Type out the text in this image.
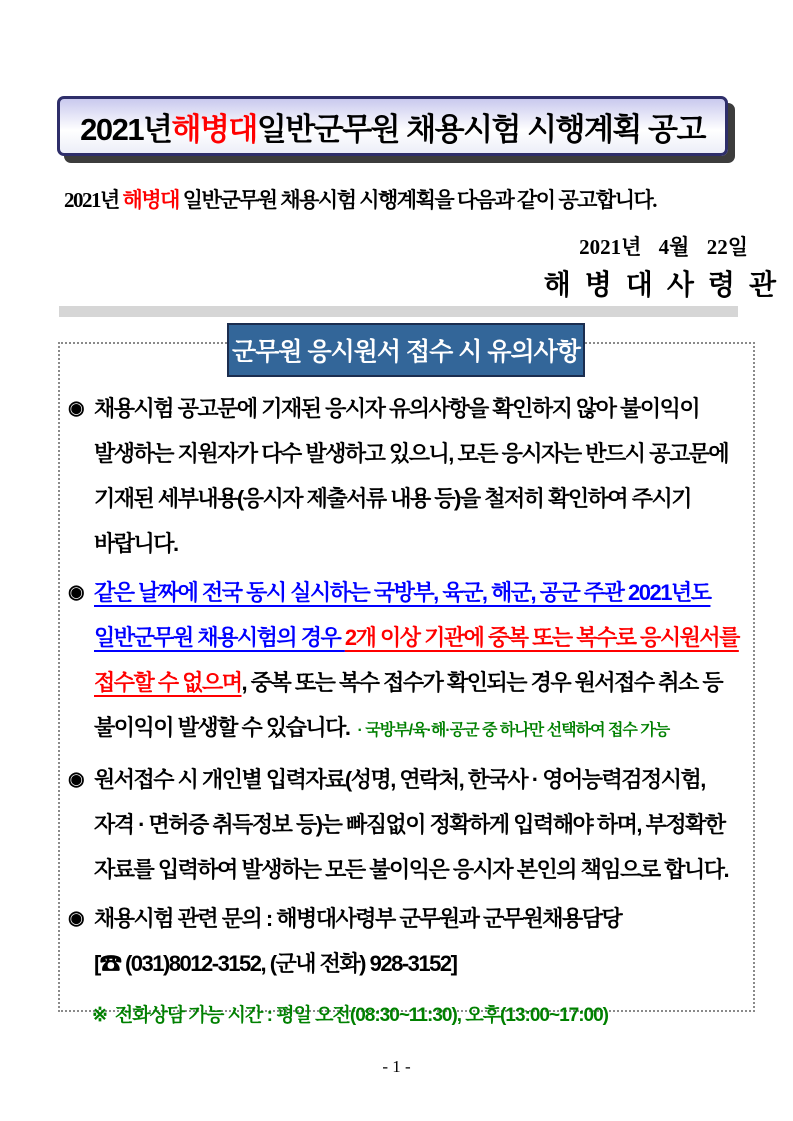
2021년 해병대 일반군무원 채용시험 시행계획 공고

2021년 해병대 일반군무원 채용시험 시행계획을 다음과 같이 공고합니다.

2021년 4월 22일

해병대사령관

군무원 응시원서 접수 시 유의사항
◉ 채용시험 공고문에 기재된 응시자 유의사항을 확인하지 않아 불이익이
발생하는 지원자가 다수 발생하고 있으니, 모든 응시자는 반드시 공고문에
기재된 세부내용(응시자 제출서류 내용 등)을 철저히 확인하여 주시기
바랍니다.
◉ 같은 날짜에 전국 동시 실시하는 국방부, 육군, 해군, 공군 주관 2021년도
일반군무원 채용시험의 경우 2개 이상 기관에 중복 또는 복수로 응시원서를
접수할 수 없으며, 중복 또는 복수 접수가 확인되는 경우 원서접수 취소 등
불이익이 발생할 수 있습니다. · 국방부/육·해·공군 중 하나만 선택하여 접수 가능
◉ 원서접수 시 개인별 입력자료(성명, 연락처, 한국사 · 영어능력검정시험,
자격 · 면허증 취득정보 등)는 빠짐없이 정확하게 입력해야 하며, 부정확한
자료를 입력하여 발생하는 모든 불이익은 응시자 본인의 책임으로 합니다.
◉ 채용시험 관련 문의 : 해병대사령부 군무원과 군무원채용담당
[☎ (031)8012-3152, (군내 전화) 928-3152]

※ 전화상담 가능 시간 : 평일 오전(08:30~11:30), 오후(13:00~17:00)

- 1 -
